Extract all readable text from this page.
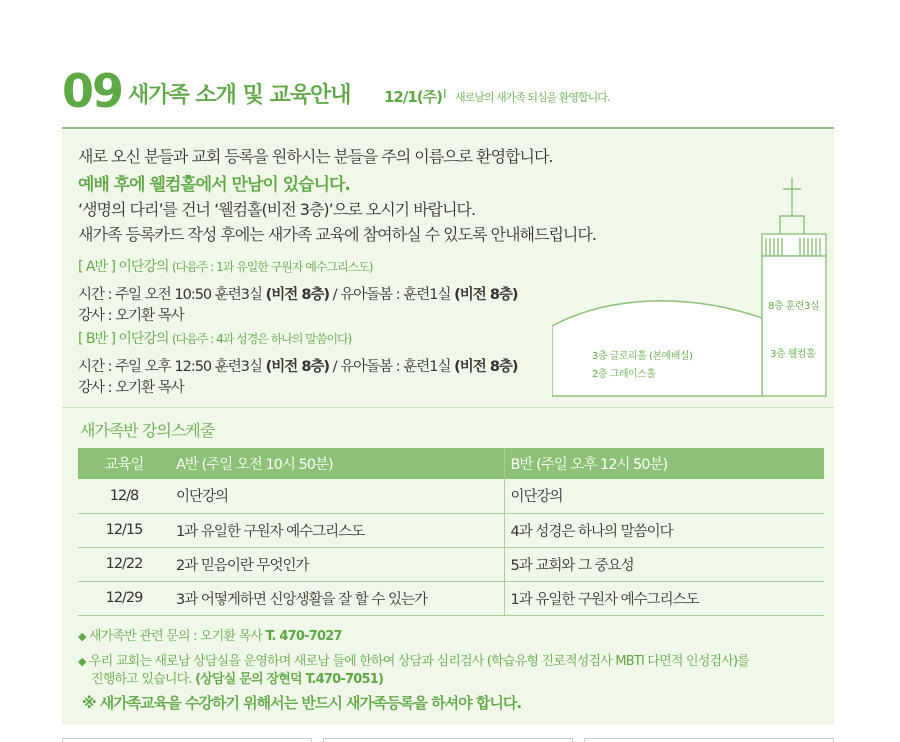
09 새가족 소개 및 교육안내 12/1(주) I 새로남의 새가족 되심을 환영합니다.
새로 오신 분들과 교회 등록을 원하시는 분들을 주의 이름으로 환영합니다.
예배 후에 웰컴홀에서 만남이 있습니다.
‘생명의 다리’를 건너 ‘웰컴홀(비전 3층)’으로 오시기 바랍니다.
새가족 등록카드 작성 후에는 새가족 교육에 참여하실 수 있도록 안내해드립니다.
[ A반 ] 이단강의 (다음주 : 1과 유일한 구원자 예수그리스도)
시간 : 주일 오전 10:50 훈련3실 (비전 8층) / 유아돌봄 : 훈련1실 (비전 8층)
강사 : 오기환 목사
[ B반 ] 이단강의 (다음주 : 4과 성경은 하나의 말씀이다)
시간 : 주일 오후 12:50 훈련3실 (비전 8층) / 유아돌봄 : 훈련1실 (비전 8층)
강사 : 오기환 목사
8층 훈련3실
3층 웰컴홀
3층 글로리홀 (본예배실)
2층 그레이스홀
새가족반 강의스케줄
교육일	A반 (주일 오전 10시 50분)	B반 (주일 오후 12시 50분)
12/8	이단강의	이단강의
12/15	1과 유일한 구원자 예수그리스도	4과 성경은 하나의 말씀이다
12/22	2과 믿음이란 무엇인가	5과 교회와 그 중요성
12/29	3과 어떻게하면 신앙생활을 잘 할 수 있는가	1과 유일한 구원자 예수그리스도
◆ 새가족반 관련 문의 : 오기환 목사 T. 470-7027
◆ 우리 교회는 새로남 상담실을 운영하며 새로남 들에 한하여 상담과 심리검사 (학습유형 진로적성검사 MBTI 다면적 인성검사)를
진행하고 있습니다. (상담실 문의 장현덕 T.470-7051)
※ 새가족교육을 수강하기 위해서는 반드시 새가족등록을 하셔야 합니다.
